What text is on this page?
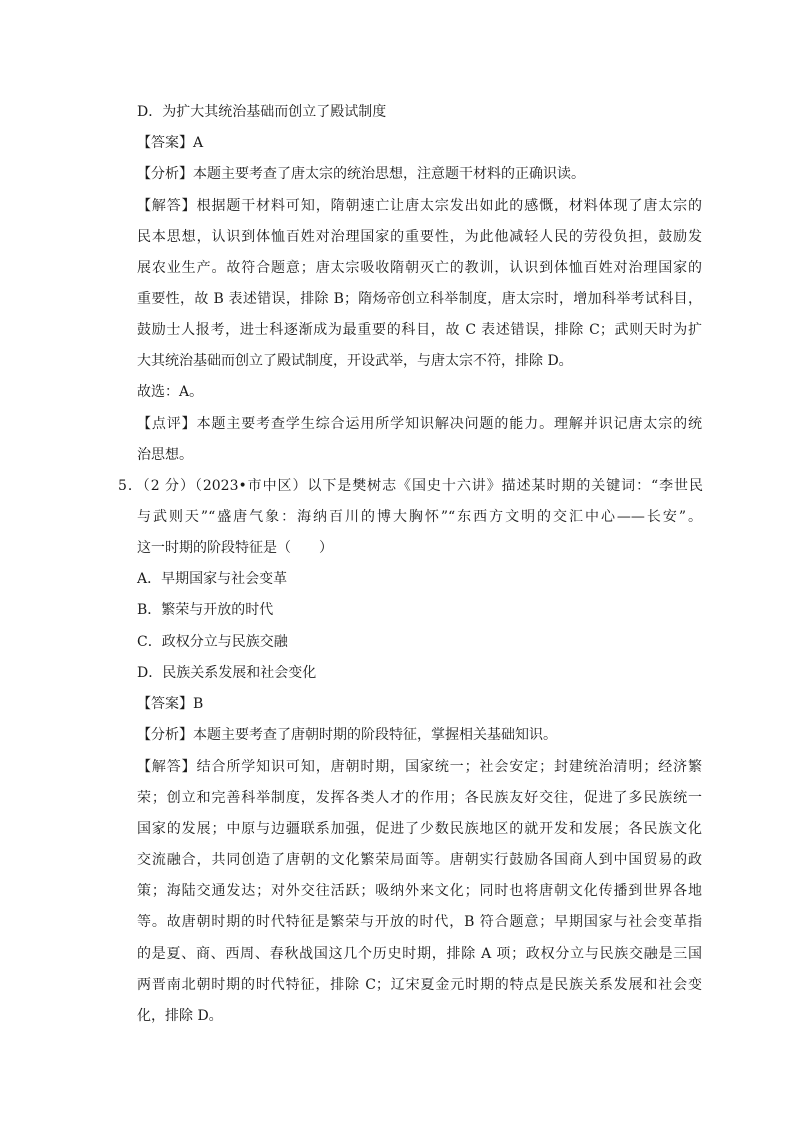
D．为扩大其统治基础而创立了殿试制度
【答案】A
【分析】本题主要考查了唐太宗的统治思想，注意题干材料的正确识读。
【解答】根据题干材料可知，隋朝速亡让唐太宗发出如此的感慨，材料体现了唐太宗的
民本思想，认识到体恤百姓对治理国家的重要性，为此他减轻人民的劳役负担，鼓励发
展农业生产。故符合题意；唐太宗吸收隋朝灭亡的教训，认识到体恤百姓对治理国家的
重要性，故 B 表述错误，排除 B；隋炀帝创立科举制度，唐太宗时，增加科举考试科目，
鼓励士人报考，进士科逐渐成为最重要的科目，故 C 表述错误，排除 C；武则天时为扩
大其统治基础而创立了殿试制度，开设武举，与唐太宗不符，排除 D。
故选：A。
【点评】本题主要考查学生综合运用所学知识解决问题的能力。理解并识记唐太宗的统
治思想。
5．（2 分）（2023•市中区）以下是樊树志《国史十六讲》描述某时期的关键词：“李世民
与武则天”“盛唐气象：海纳百川的博大胸怀”“东西方文明的交汇中心——长安”。
这一时期的阶段特征是（　　）
A．早期国家与社会变革
B．繁荣与开放的时代
C．政权分立与民族交融
D．民族关系发展和社会变化
【答案】B
【分析】本题主要考查了唐朝时期的阶段特征，掌握相关基础知识。
【解答】结合所学知识可知，唐朝时期，国家统一；社会安定；封建统治清明；经济繁
荣；创立和完善科举制度，发挥各类人才的作用；各民族友好交往，促进了多民族统一
国家的发展；中原与边疆联系加强，促进了少数民族地区的就开发和发展；各民族文化
交流融合，共同创造了唐朝的文化繁荣局面等。唐朝实行鼓励各国商人到中国贸易的政
策；海陆交通发达；对外交往活跃；吸纳外来文化；同时也将唐朝文化传播到世界各地
等。故唐朝时期的时代特征是繁荣与开放的时代，B 符合题意；早期国家与社会变革指
的是夏、商、西周、春秋战国这几个历史时期，排除 A 项；政权分立与民族交融是三国
两晋南北朝时期的时代特征，排除 C；辽宋夏金元时期的特点是民族关系发展和社会变
化，排除 D。
